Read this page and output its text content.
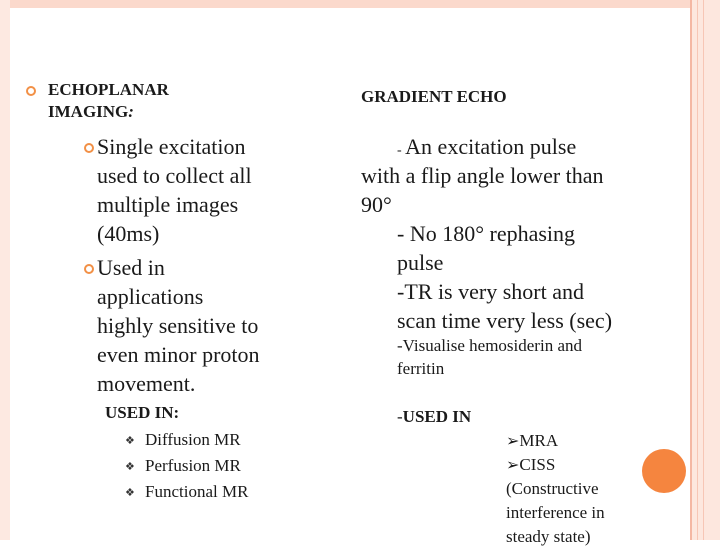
ECHOPLANAR
IMAGING:
Single excitation
used to collect all
multiple images
(40ms)
Used in
applications
highly sensitive to
even minor proton
movement.
USED IN:
❖ Diffusion MR
❖ Perfusion MR
❖ Functional MR
GRADIENT ECHO
- An excitation pulse
with a flip angle lower than
90°
- No 180° rephasing
pulse
-TR is very short and
scan time very less (sec)
-Visualise hemosiderin and
ferritin
-USED IN
➢MRA
➢CISS
(Constructive
interference in
steady state)
